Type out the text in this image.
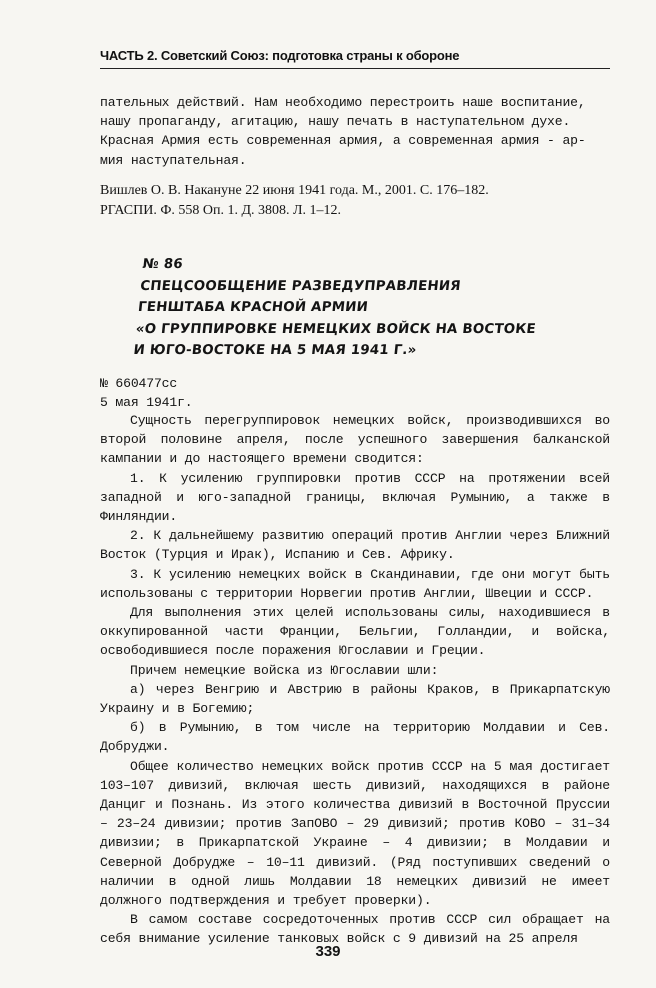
ЧАСТЬ 2. Советский Союз: подготовка страны к обороне
пательных действий. Нам необходимо перестроить наше воспитание,
нашу пропаганду, агитацию, нашу печать в наступательном духе.
Красная Армия есть современная армия, а современная армия - ар-
мия наступательная.
Вишлев О. В. Накануне 22 июня 1941 года. М., 2001. С. 176–182.
РГАСПИ. Ф. 558 Оп. 1. Д. 3808. Л. 1–12.
№ 86
СПЕЦСООБЩЕНИЕ РАЗВЕДУПРАВЛЕНИЯ
ГЕНШТАБА КРАСНОЙ АРМИИ
«О ГРУППИРОВКЕ НЕМЕЦКИХ ВОЙСК НА ВОСТОКЕ
И ЮГО-ВОСТОКЕ НА 5 МАЯ 1941 Г.»
№ 660477сс
5 мая 1941г.

Сущность перегруппировок немецких войск, производившихся во второй половине апреля, после успешного завершения балканской кампании и до настоящего времени сводится:

1. К усилению группировки против СССР на протяжении всей западной и юго-западной границы, включая Румынию, а также в Финляндии.

2. К дальнейшему развитию операций против Англии через Ближний Восток (Турция и Ирак), Испанию и Сев. Африку.

3. К усилению немецких войск в Скандинавии, где они могут быть использованы с территории Норвегии против Англии, Швеции и СССР.

Для выполнения этих целей использованы силы, находившиеся в оккупированной части Франции, Бельгии, Голландии, и войска, освободившиеся после поражения Югославии и Греции.

Причем немецкие войска из Югославии шли:

а) через Венгрию и Австрию в районы Краков, в Прикарпатскую Украину и в Богемию;

б) в Румынию, в том числе на территорию Молдавии и Сев. Добруджи.

Общее количество немецких войск против СССР на 5 мая достигает 103–107 дивизий, включая шесть дивизий, находящихся в районе Данциг и Познань. Из этого количества дивизий в Восточной Пруссии – 23–24 дивизии; против ЗапОВО – 29 дивизий; против КОВО – 31–34 дивизии; в Прикарпатской Украине – 4 дивизии; в Молдавии и Северной Добрудже – 10–11 дивизий. (Ряд поступивших сведений о наличии в одной лишь Молдавии 18 немецких дивизий не имеет должного подтверждения и требует проверки).

В самом составе сосредоточенных против СССР сил обращает на себя внимание усиление танковых войск с 9 дивизий на 25 апреля

339
